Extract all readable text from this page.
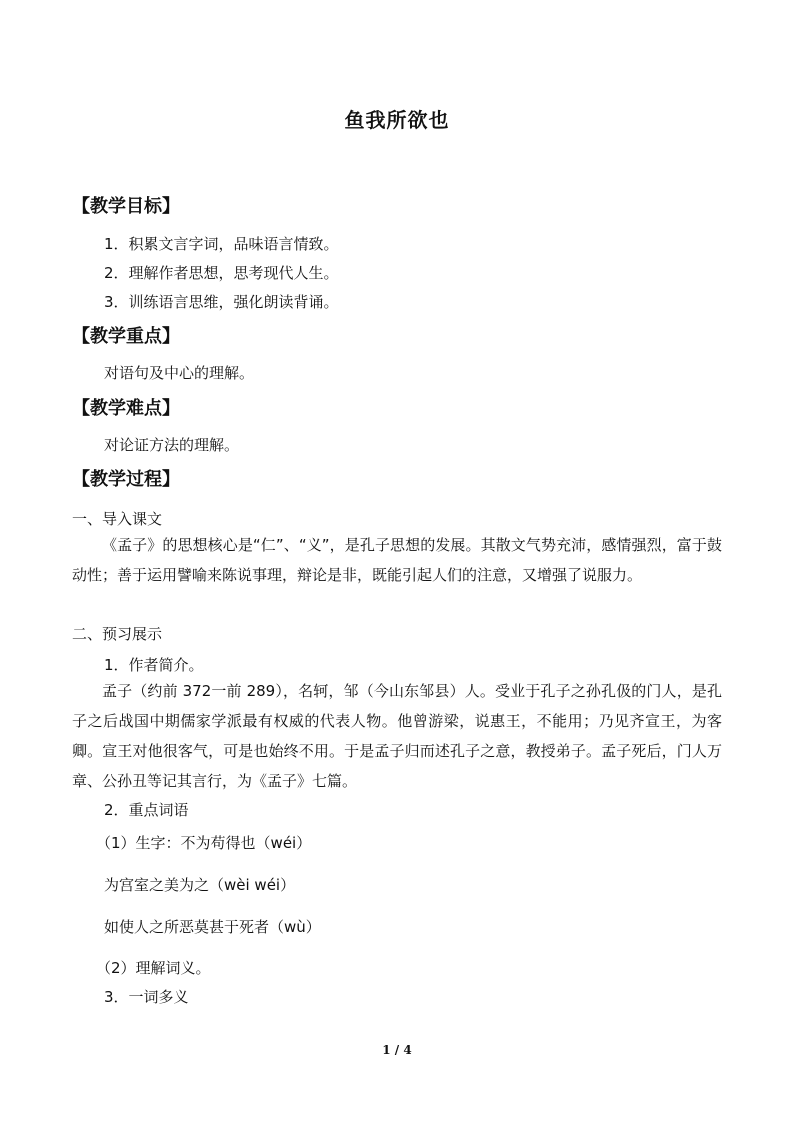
鱼我所欲也
【教学目标】
1．积累文言字词，品味语言情致。
2．理解作者思想，思考现代人生。
3．训练语言思维，强化朗读背诵。
【教学重点】
对语句及中心的理解。
【教学难点】
对论证方法的理解。
【教学过程】
一、导入课文
《孟子》的思想核心是“仁”、“义”，是孔子思想的发展。其散文气势充沛，感情强烈，富于鼓动性；善于运用譬喻来陈说事理，辩论是非，既能引起人们的注意，又增强了说服力。
二、预习展示
1．作者简介。
孟子（约前 372一前 289），名轲，邹（今山东邹县）人。受业于孔子之孙孔伋的门人，是孔子之后战国中期儒家学派最有权威的代表人物。他曾游梁，说惠王，不能用；乃见齐宣王，为客卿。宣王对他很客气，可是也始终不用。于是孟子归而述孔子之意，教授弟子。孟子死后，门人万章、公孙丑等记其言行，为《孟子》七篇。
2．重点词语
（1）生字：不为苟得也（wéi）
为宫室之美为之（wèi wéi）
如使人之所恶莫甚于死者（wù）
（2）理解词义。
3．一词多义
1 / 4
